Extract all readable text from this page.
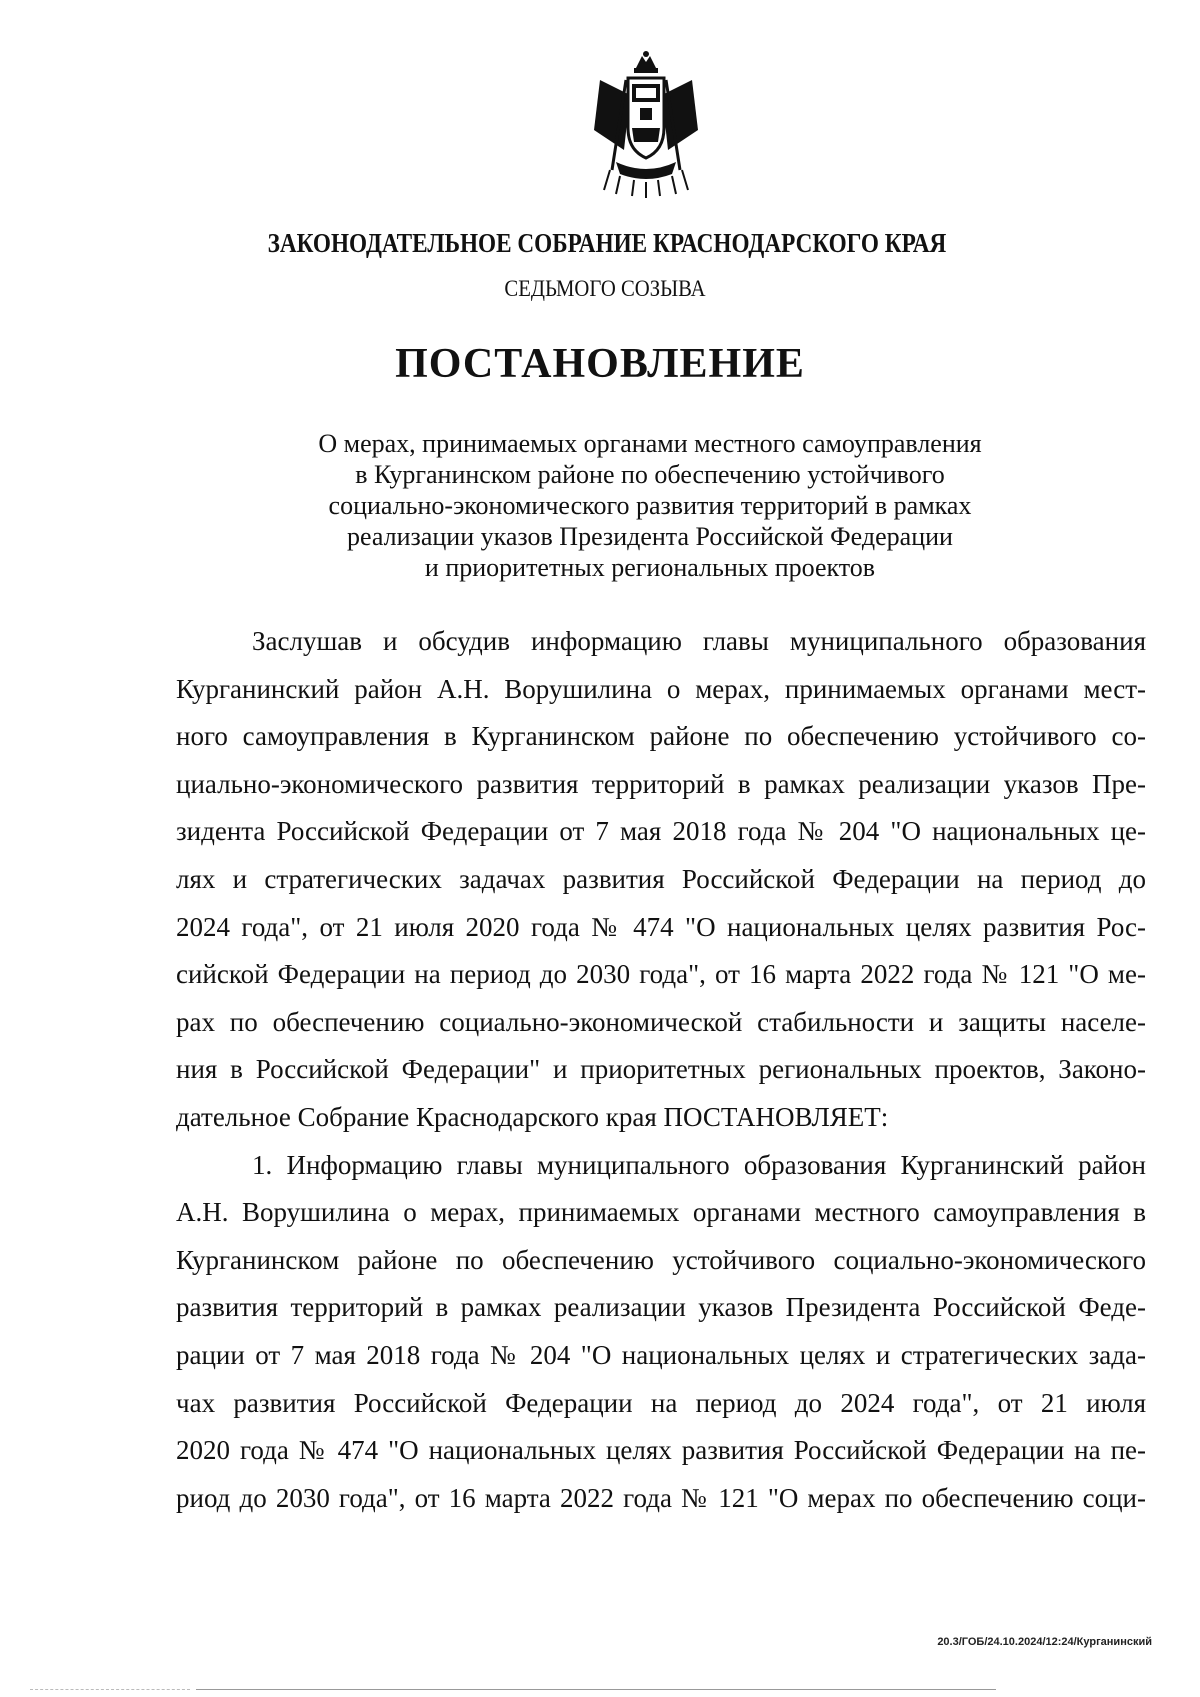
ЗАКОНОДАТЕЛЬНОЕ СОБРАНИЕ КРАСНОДАРСКОГО КРАЯ
СЕДЬМОГО СОЗЫВА
ПОСТАНОВЛЕНИЕ
О мерах, принимаемых органами местного самоуправления
в Курганинском районе по обеспечению устойчивого
социально-экономического развития территорий в рамках
реализации указов Президента Российской Федерации
и приоритетных региональных проектов
Заслушав и обсудив информацию главы муниципального образования
Курганинский район А.Н. Ворушилина о мерах, принимаемых органами мест-
ного самоуправления в Курганинском районе по обеспечению устойчивого со-
циально-экономического развития территорий в рамках реализации указов Пре-
зидента Российской Федерации от 7 мая 2018 года № 204 "О национальных це-
лях и стратегических задачах развития Российской Федерации на период до
2024 года", от 21 июля 2020 года № 474 "О национальных целях развития Рос-
сийской Федерации на период до 2030 года", от 16 марта 2022 года № 121 "О ме-
рах по обеспечению социально-экономической стабильности и защиты населе-
ния в Российской Федерации" и приоритетных региональных проектов, Законо-
дательное Собрание Краснодарского края ПОСТАНОВЛЯЕТ:
1. Информацию главы муниципального образования Курганинский район
А.Н. Ворушилина о мерах, принимаемых органами местного самоуправления в
Курганинском районе по обеспечению устойчивого социально-экономического
развития территорий в рамках реализации указов Президента Российской Феде-
рации от 7 мая 2018 года № 204 "О национальных целях и стратегических зада-
чах развития Российской Федерации на период до 2024 года", от 21 июля
2020 года № 474 "О национальных целях развития Российской Федерации на пе-
риод до 2030 года", от 16 марта 2022 года № 121 "О мерах по обеспечению соци-
20.3/ГОБ/24.10.2024/12:24/Курганинский
